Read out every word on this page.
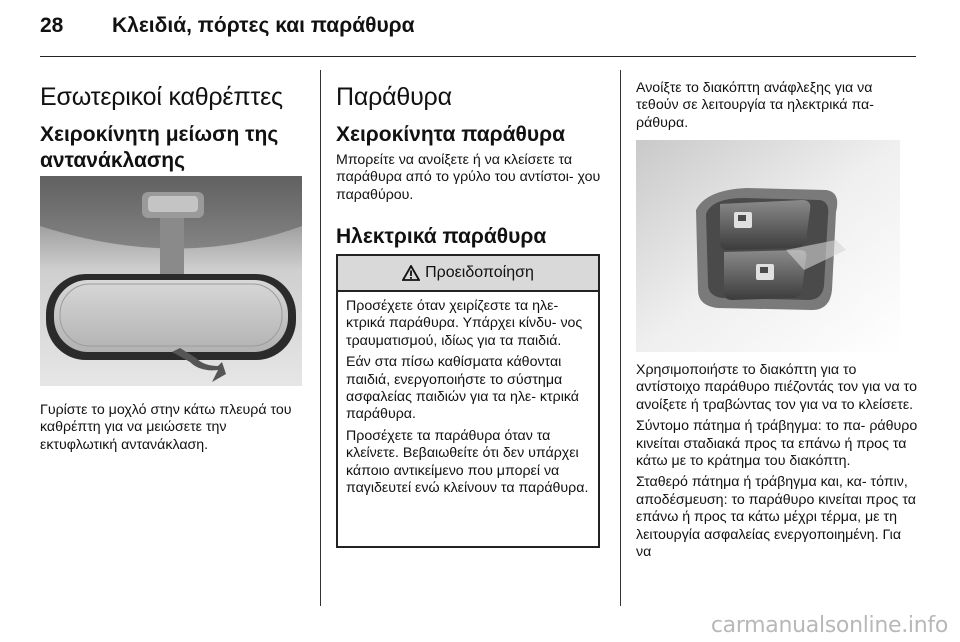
28 Κλειδιά, πόρτες και παράθυρα
Εσωτερικοί καθρέπτες
Χειροκίνητη μείωση της αντανάκλασης

Γυρίστε το μοχλό στην κάτω πλευρά του καθρέπτη για να μειώσετε την εκτυφλωτική αντανάκλαση.

Παράθυρα
Χειροκίνητα παράθυρα

Μπορείτε να ανοίξετε ή να κλείσετε τα παράθυρα από το γρύλο του αντίστοι- χου παραθύρου.

Ηλεκτρικά παράθυρα
Προειδοποίηση

Προσέχετε όταν χειρίζεστε τα ηλε- κτρικά παράθυρα. Υπάρχει κίνδυ- νος τραυματισμού, ιδίως για τα παιδιά.

Εάν στα πίσω καθίσματα κάθονται παιδιά, ενεργοποιήστε το σύστημα ασφαλείας παιδιών για τα ηλε- κτρικά παράθυρα.

Προσέχετε τα παράθυρα όταν τα κλείνετε. Βεβαιωθείτε ότι δεν υπάρχει κάποιο αντικείμενο που μπορεί να παγιδευτεί ενώ κλείνουν τα παράθυρα.

Ανοίξτε το διακόπτη ανάφλεξης για να τεθούν σε λειτουργία τα ηλεκτρικά πα- ράθυρα.

Χρησιμοποιήστε το διακόπτη για το αντίστοιχο παράθυρο πιέζοντάς τον για να το ανοίξετε ή τραβώντας τον για να το κλείσετε.

Σύντομο πάτημα ή τράβηγμα: το πα- ράθυρο κινείται σταδιακά προς τα επάνω ή προς τα κάτω με το κράτημα του διακόπτη.

Σταθερό πάτημα ή τράβηγμα και, κα- τόπιν, αποδέσμευση: το παράθυρο κινείται προς τα επάνω ή προς τα κάτω μέχρι τέρμα, με τη λειτουργία ασφαλείας ενεργοποιημένη. Για να

carmanualsonline.info
